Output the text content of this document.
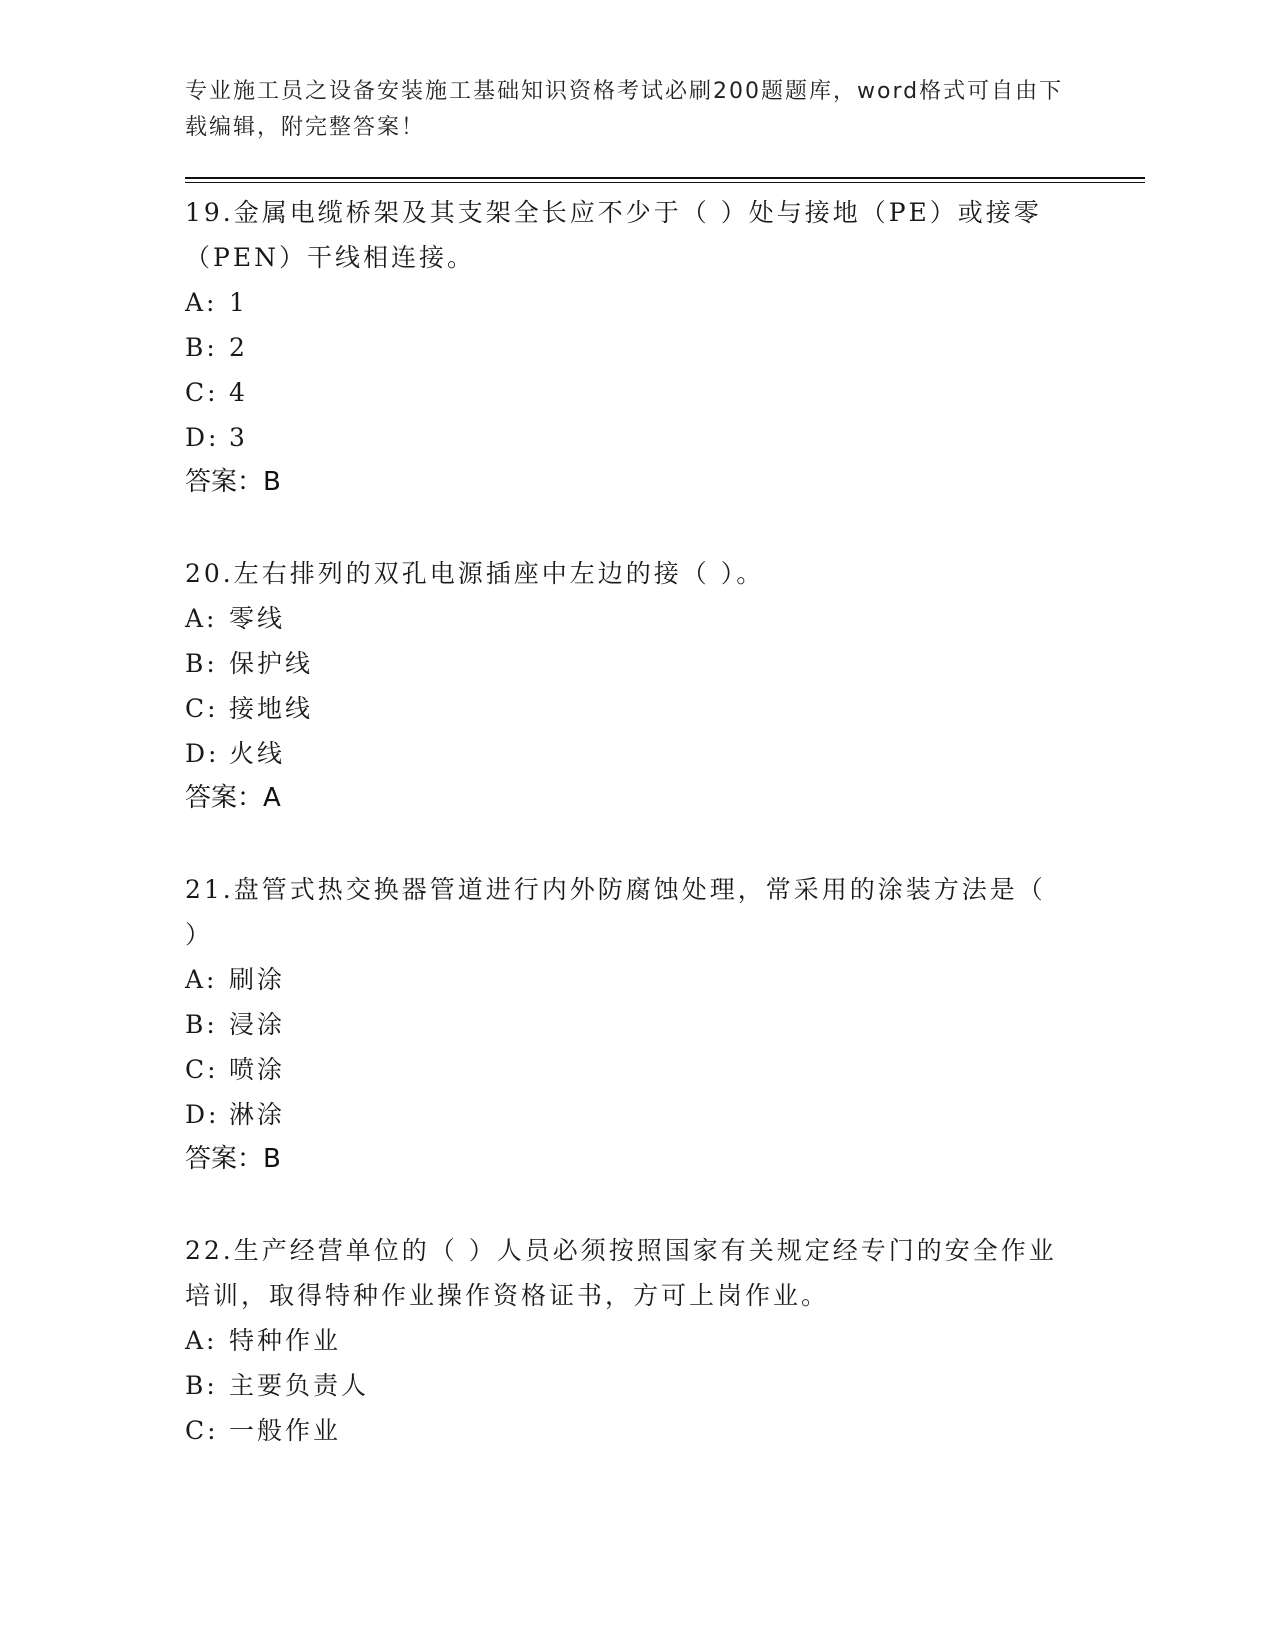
专业施工员之设备安装施工基础知识资格考试必刷200题题库，word格式可自由下载编辑，附完整答案！

19.金属电缆桥架及其支架全长应不少于（ ）处与接地（PE）或接零（PEN）干线相连接。

A: 1
B: 2
C: 4
D: 3
答案：B

20.左右排列的双孔电源插座中左边的接（ ）。

A: 零线
B: 保护线
C: 接地线
D: 火线
答案：A

21.盘管式热交换器管道进行内外防腐蚀处理，常采用的涂装方法是（ ）

A: 刷涂
B: 浸涂
C: 喷涂
D: 淋涂
答案：B

22.生产经营单位的（ ）人员必须按照国家有关规定经专门的安全作业培训，取得特种作业操作资格证书，方可上岗作业。

A: 特种作业
B: 主要负责人
C: 一般作业
